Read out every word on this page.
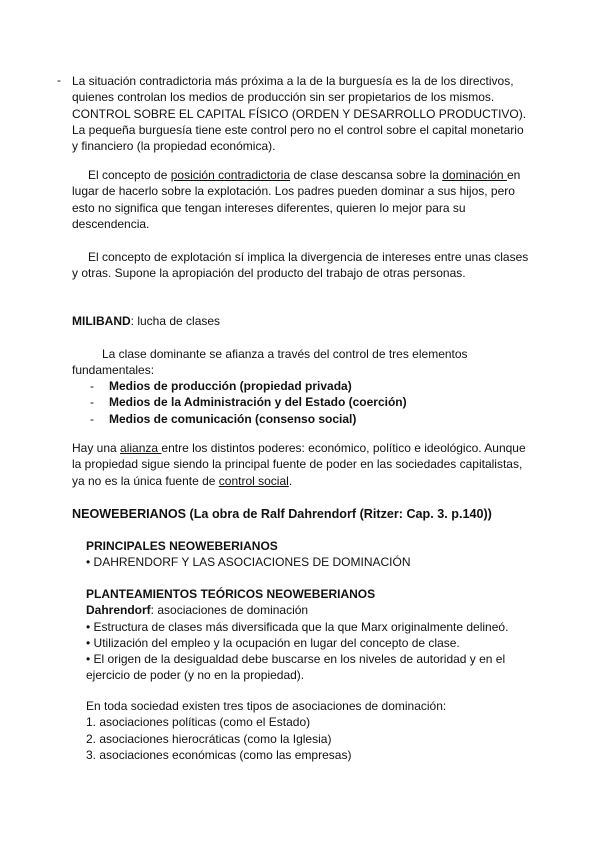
- La situación contradictoria más próxima a la de la burguesía es la de los directivos, quienes controlan los medios de producción sin ser propietarios de los mismos. CONTROL SOBRE EL CAPITAL FÍSICO (ORDEN Y DESARROLLO PRODUCTIVO). La pequeña burguesía tiene este control pero no el control sobre el capital monetario y financiero (la propiedad económica).

El concepto de posición contradictoria de clase descansa sobre la dominación en lugar de hacerlo sobre la explotación. Los padres pueden dominar a sus hijos, pero esto no significa que tengan intereses diferentes, quieren lo mejor para su descendencia.

El concepto de explotación sí implica la divergencia de intereses entre unas clases y otras. Supone la apropiación del producto del trabajo de otras personas.

MILIBAND: lucha de clases

La clase dominante se afianza a través del control de tres elementos fundamentales:

- Medios de producción (propiedad privada)
- Medios de la Administración y del Estado (coerción)
- Medios de comunicación (consenso social)

Hay una alianza entre los distintos poderes: económico, político e ideológico. Aunque la propiedad sigue siendo la principal fuente de poder en las sociedades capitalistas, ya no es la única fuente de control social.

NEOWEBERIANOS (La obra de Ralf Dahrendorf (Ritzer: Cap. 3. p.140))
PRINCIPALES NEOWEBERIANOS
• DAHRENDORF Y LAS ASOCIACIONES DE DOMINACIÓN
PLANTEAMIENTOS TEÓRICOS NEOWEBERIANOS
Dahrendorf: asociaciones de dominación
• Estructura de clases más diversificada que la que Marx originalmente delineó.
• Utilización del empleo y la ocupación en lugar del concepto de clase.
• El origen de la desigualdad debe buscarse en los niveles de autoridad y en el ejercicio de poder (y no en la propiedad).
En toda sociedad existen tres tipos de asociaciones de dominación:
1. asociaciones políticas (como el Estado)
2. asociaciones hierocráticas (como la Iglesia)
3. asociaciones económicas (como las empresas)
